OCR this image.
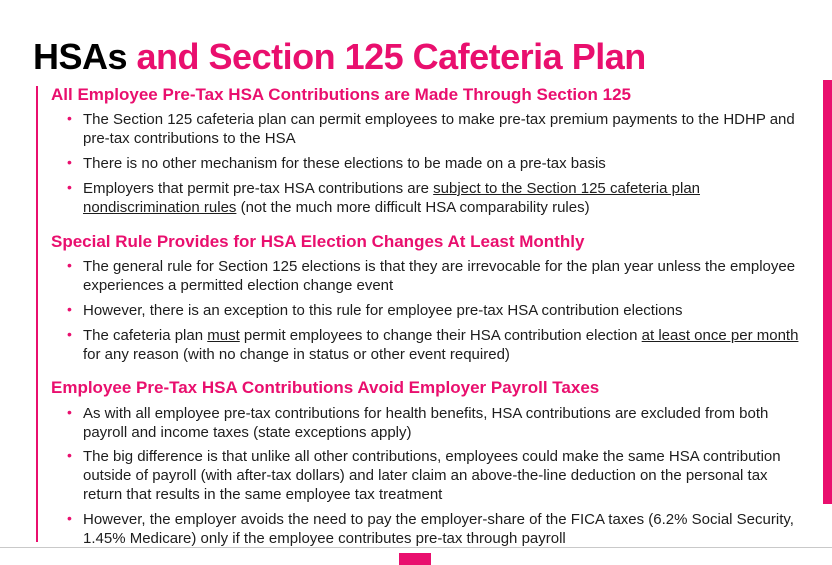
HSAs and Section 125 Cafeteria Plan
All Employee Pre-Tax HSA Contributions are Made Through Section 125
• The Section 125 cafeteria plan can permit employees to make pre-tax premium payments to the HDHP and pre-tax contributions to the HSA
• There is no other mechanism for these elections to be made on a pre-tax basis
• Employers that permit pre-tax HSA contributions are subject to the Section 125 cafeteria plan nondiscrimination rules (not the much more difficult HSA comparability rules)
Special Rule Provides for HSA Election Changes At Least Monthly
• The general rule for Section 125 elections is that they are irrevocable for the plan year unless the employee experiences a permitted election change event
• However, there is an exception to this rule for employee pre-tax HSA contribution elections
• The cafeteria plan must permit employees to change their HSA contribution election at least once per month for any reason (with no change in status or other event required)
Employee Pre-Tax HSA Contributions Avoid Employer Payroll Taxes
• As with all employee pre-tax contributions for health benefits, HSA contributions are excluded from both payroll and income taxes (state exceptions apply)
• The big difference is that unlike all other contributions, employees could make the same HSA contribution outside of payroll (with after-tax dollars) and later claim an above-the-line deduction on the personal tax return that results in the same employee tax treatment
• However, the employer avoids the need to pay the employer-share of the FICA taxes (6.2% Social Security, 1.45% Medicare) only if the employee contributes pre-tax through payroll
